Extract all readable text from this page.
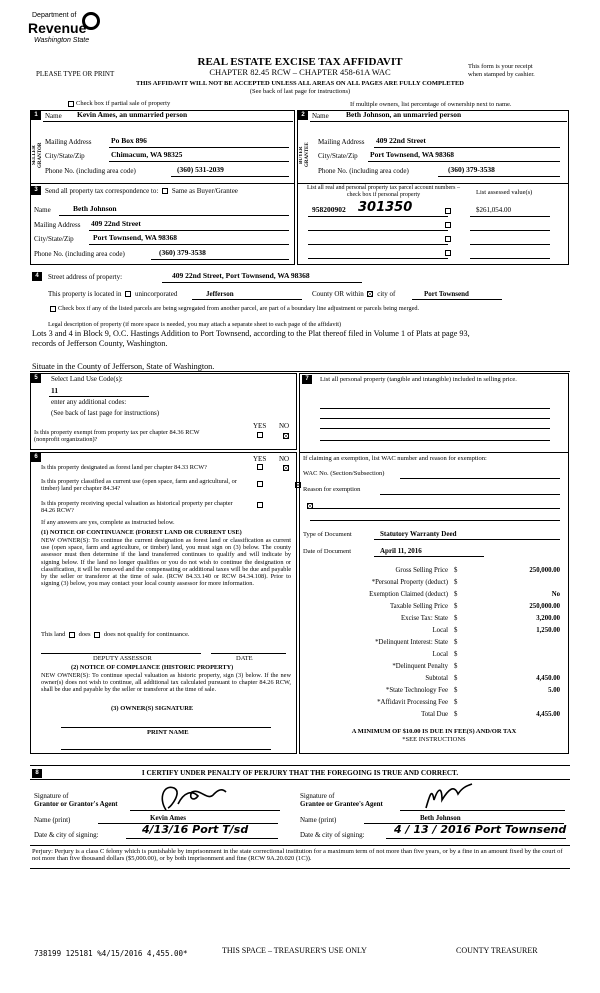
Department of
Revenue
Washington State
REAL ESTATE EXCISE TAX AFFIDAVIT
PLEASE TYPE OR PRINT	CHAPTER 82.45 RCW – CHAPTER 458-61A WAC
This form is your receipt
when stamped by cashier.
THIS AFFIDAVIT WILL NOT BE ACCEPTED UNLESS ALL AREAS ON ALL PAGES ARE FULLY COMPLETED
(See back of last page for instructions)
Check box if partial sale of property	If multiple owners, list percentage of ownership next to name.
1
SELLER GRANTOR
Name Kevin Ames, an unmarried person
Mailing Address	Po Box 896
City/State/Zip	Chimacum, WA 98325
Phone No. (including area code)	(360) 531-2039
2
BUYER GRANTEE
Name Beth Johnson, an unmarried person
Mailing Address 409 22nd Street
City/State/Zip Port Townsend, WA 98368
Phone No. (including area code)	(360) 379-3538
3	Send all property tax correspondence to: Same as Buyer/Grantee
Name	Beth Johnson
Mailing Address 409 22nd Street
City/State/Zip	Port Townsend, WA 98368
Phone No. (including area code)	(360) 379-3538
List all real and personal property tax parcel account numbers – check box if personal property	List assessed value(s)
958200902 301350	$261,054.00
4	Street address of property:	409 22nd Street, Port Townsend, WA 98368
This property is located in unincorporated	Jefferson	County OR within city of	Port Townsend
Check box if any of the listed parcels are being segregated from another parcel, are part of a boundary line adjustment or parcels being merged.
Legal description of property (if more space is needed, you may attach a separate sheet to each page of the affidavit)
Lots 3 and 4 in Block 9, O.C. Hastings Addition to Port Townsend, according to the Plat thereof filed in Volume 1 of Plats at page 93,
records of Jefferson County, Washington.
Situate in the County of Jefferson, State of Washington.
5	Select Land Use Code(s):
11
enter any additional codes:
(See back of last page for instructions)
YES NO
Is this property exempt from property tax per chapter 84.36 RCW (nonprofit organization)?
6	YES NO
Is this property designated as forest land per chapter 84.33 RCW?

Is this property classified as current use (open space, farm and agricultural, or timber) land per chapter 84.34?

Is this property receiving special valuation as historical property per chapter 84.26 RCW?
If any answers are yes, complete as instructed below.
(1) NOTICE OF CONTINUANCE (FOREST LAND OR CURRENT USE)
NEW OWNER(S): To continue the current designation as forest land or classification as current use (open space, farm and agriculture, or timber) land, you must sign on (3) below. The county assessor must then determine if the land transferred continues to qualify and will indicate by signing below. If the land no longer qualifies or you do not wish to continue the designation or classification, it will be removed and the compensating or additional taxes will be due and payable by the seller or transferor at the time of sale. (RCW 84.33.140 or RCW 84.34.108). Prior to signing (3) below, you may contact your local county assessor for more information.
This land does does not qualify for continuance.
DEPUTY ASSESSOR	DATE
(2) NOTICE OF COMPLIANCE (HISTORIC PROPERTY)
NEW OWNER(S): To continue special valuation as historic property, sign (3) below. If the new owner(s) does not wish to continue, all additional tax calculated pursuant to chapter 84.26 RCW, shall be due and payable by the seller or transferor at the time of sale.
(3) OWNER(S) SIGNATURE
PRINT NAME
7	List all personal property (tangible and intangible) included in selling price.
If claiming an exemption, list WAC number and reason for exemption:
WAC No. (Section/Subsection)
Reason for exemption
Type of Document	Statutory Warranty Deed
Date of Document	April 11, 2016
Gross Selling Price $	250,000.00
*Personal Property (deduct) $
Exemption Claimed (deduct) $	No
Taxable Selling Price $	250,000.00
Excise Tax: State $	3,200.00
Local $	1,250.00
*Delinquent Interest: State $
Local $
*Delinquent Penalty $
Subtotal $	4,450.00
*State Technology Fee $	5.00
*Affidavit Processing Fee $
Total Due $	4,455.00
A MINIMUM OF $10.00 IS DUE IN FEE(S) AND/OR TAX
*SEE INSTRUCTIONS
8	I CERTIFY UNDER PENALTY OF PERJURY THAT THE FOREGOING IS TRUE AND CORRECT.
Signature of
Grantor or Grantor's Agent
Name (print)	Kevin Ames
Date & city of signing:	4/13/16 Port T/sd
Signature of
Grantee or Grantee's Agent
Name (print)	Beth Johnson
Date & city of signing:	4 / 13 / 2016 Port Townsend
Perjury: Perjury is a class C felony which is punishable by imprisonment in the state correctional institution for a maximum term of not more than five years, or by a fine in an amount fixed by the court of not more than five thousand dollars ($5,000.00), or by both imprisonment and fine (RCW 9A.20.020 (1C)).
738199 125181 %4/15/2016 4,455.00*	THIS SPACE – TREASURER'S USE ONLY	COUNTY TREASURER
